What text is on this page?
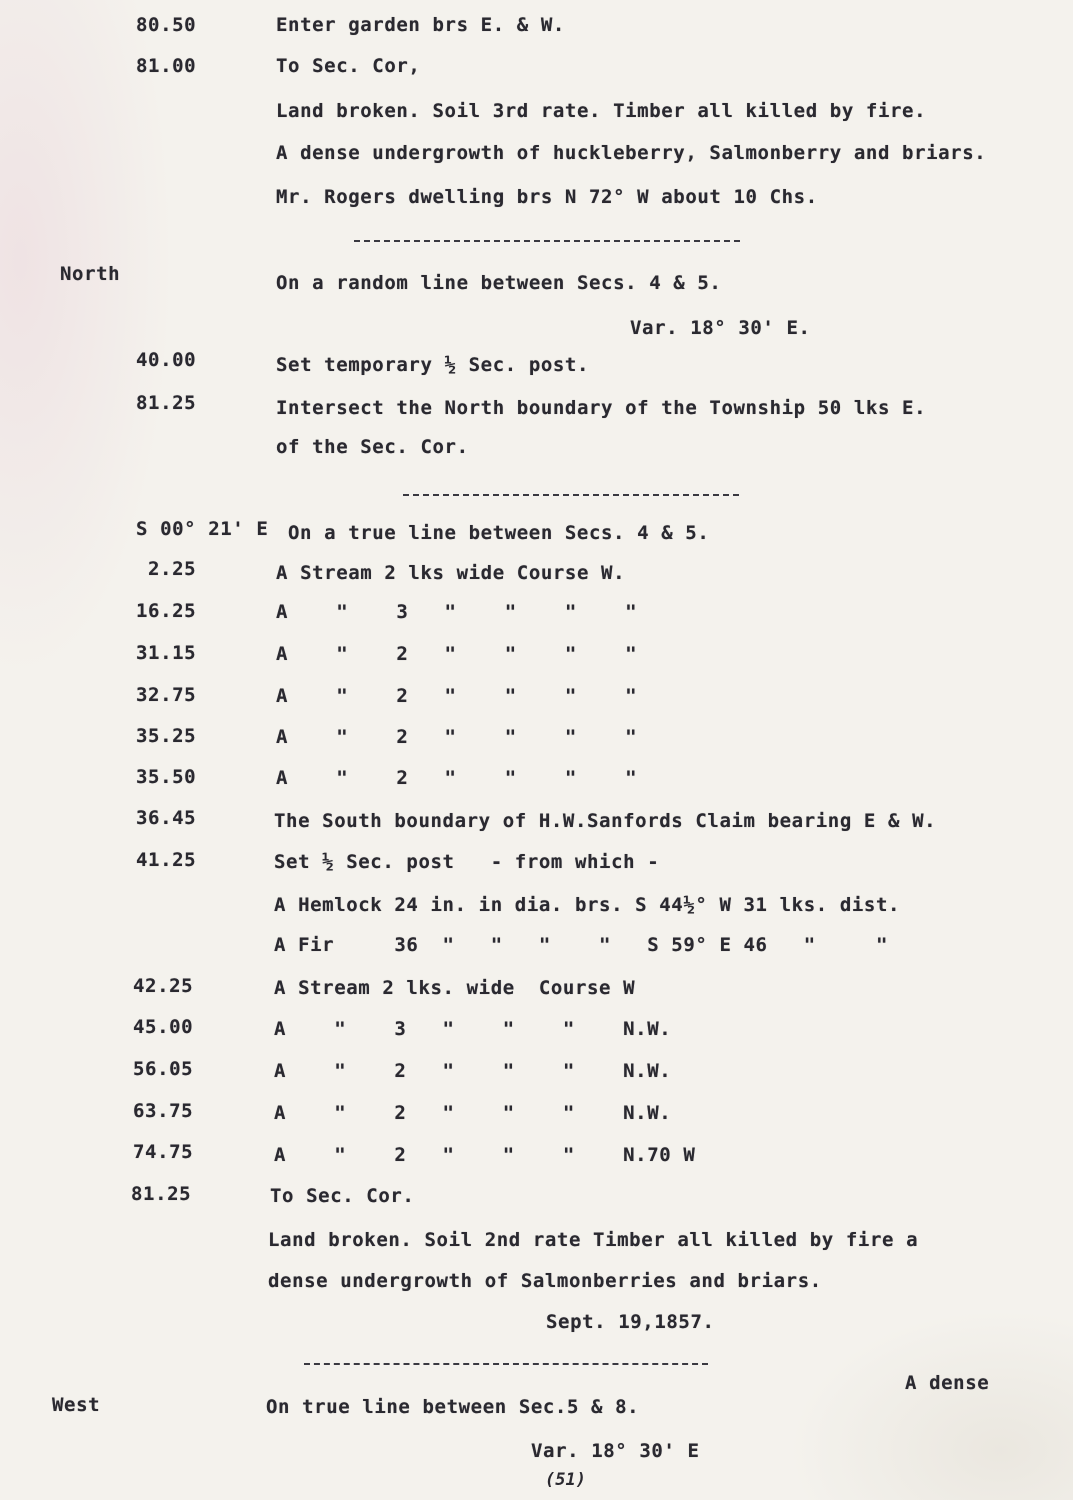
80.50	Enter garden brs E. & W.
81.00	To Sec. Cor,
Land broken. Soil 3rd rate. Timber all killed by fire.
A dense undergrowth of huckleberry, Salmonberry and briars.
Mr. Rogers dwelling brs N 72° W about 10 Chs.
North	On a random line between Secs. 4 & 5.
Var. 18° 30' E.
40.00	Set temporary ½ Sec. post.
81.25	Intersect the North boundary of the Township 50 lks E.
of the Sec. Cor.
S 00° 21' E On a true line between Secs. 4 & 5.
2.25	A Stream 2 lks wide Course W.
16.25	A    "    3   "    "    "    "
31.15	A    "    2   "    "    "    "
32.75	A    "    2   "    "    "    "
35.25	A    "    2   "    "    "    "
35.50	A    "    2   "    "    "    "
36.45	The South boundary of H.W.Sanfords Claim bearing E & W.
41.25	Set ½ Sec. post   - from which -
A Hemlock 24 in. in dia. brs. S 44½° W 31 lks. dist.
A Fir     36  "   "   "    "   S 59° E 46   "     "
42.25	A Stream 2 lks. wide  Course W
45.00	A    "    3   "    "    "    N.W.
56.05	A    "    2   "    "    "    N.W.
63.75	A    "    2   "    "    "    N.W.
74.75	A    "    2   "    "    "    N.70 W
81.25	To Sec. Cor.
Land broken. Soil 2nd rate Timber all killed by fire a
dense undergrowth of Salmonberries and briars.
Sept. 19,1857.
A dense
West	On true line between Sec.5 & 8.
Var. 18° 30' E
(51)
